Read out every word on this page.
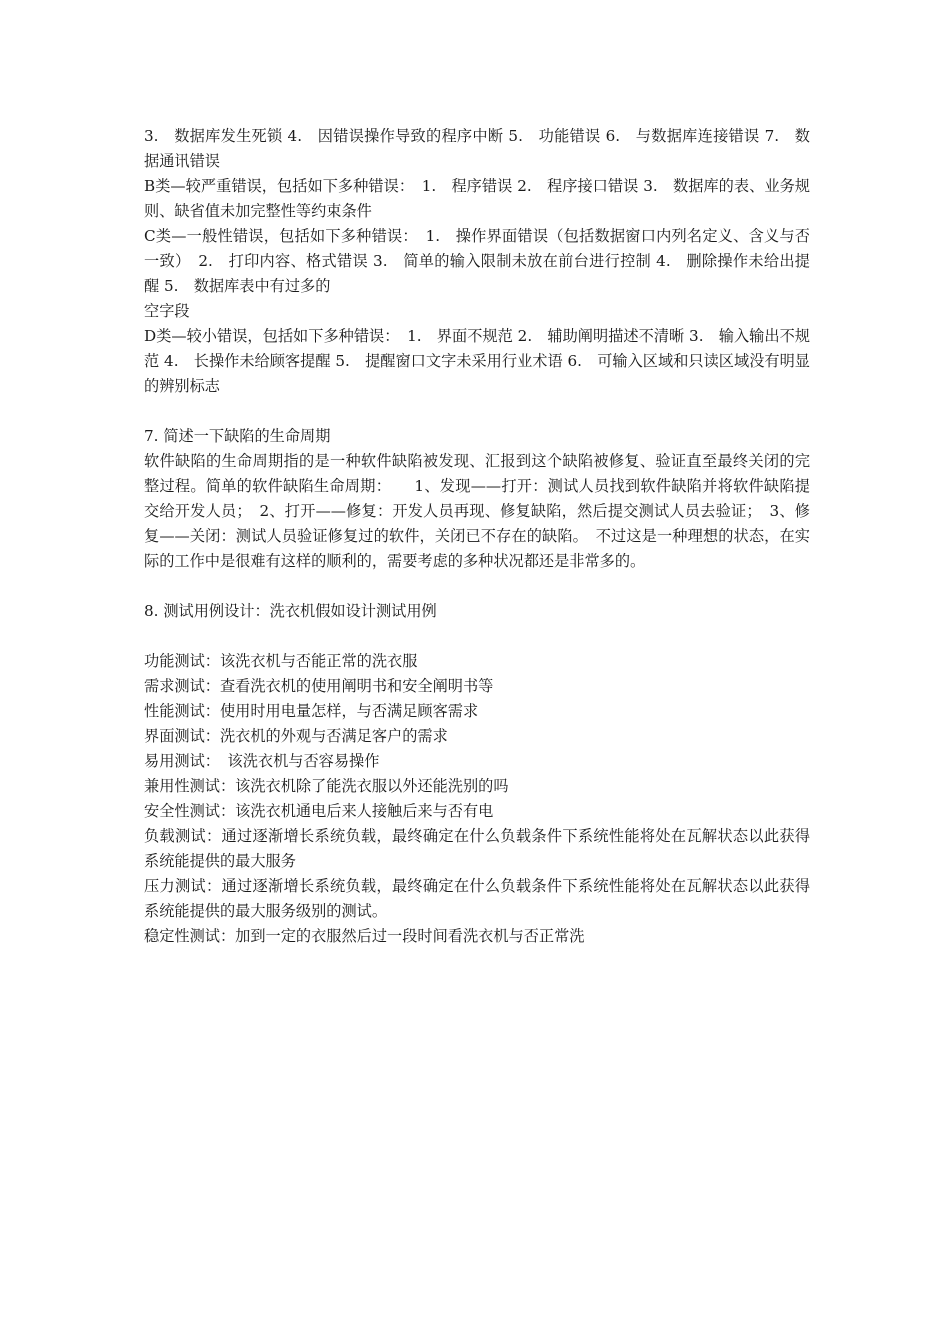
3.　数据库发生死锁 4.　因错误操作导致的程序中断 5.　功能错误 6.　与数据库连接错误 7.　数据通讯错误

B类—较严重错误，包括如下多种错误：　1.　程序错误 2.　程序接口错误 3.　数据库的表、业务规则、缺省值未加完整性等约束条件

C类—一般性错误，包括如下多种错误：　1.　操作界面错误（包括数据窗口内列名定义、含义与否一致）　2.　打印内容、格式错误 3.　简单的输入限制未放在前台进行控制 4.　删除操作未给出提醒 5.　数据库表中有过多的

空字段

D类—较小错误，包括如下多种错误：　1.　界面不规范 2.　辅助阐明描述不清晰 3.　输入输出不规范 4.　长操作未给顾客提醒 5.　提醒窗口文字未采用行业术语 6.　可输入区域和只读区域没有明显的辨别标志

7. 简述一下缺陷的生命周期

软件缺陷的生命周期指的是一种软件缺陷被发现、汇报到这个缺陷被修复、验证直至最终关闭的完整过程。简单的软件缺陷生命周期：　　1、发现——打开：测试人员找到软件缺陷并将软件缺陷提交给开发人员；　2、打开——修复：开发人员再现、修复缺陷，然后提交测试人员去验证；　3、修复——关闭：测试人员验证修复过的软件，关闭已不存在的缺陷。　不过这是一种理想的状态，在实际的工作中是很难有这样的顺利的，需要考虑的多种状况都还是非常多的。

8. 测试用例设计：洗衣机假如设计测试用例

功能测试：该洗衣机与否能正常的洗衣服

需求测试：查看洗衣机的使用阐明书和安全阐明书等

性能测试：使用时用电量怎样，与否满足顾客需求

界面测试：洗衣机的外观与否满足客户的需求

易用测试：　该洗衣机与否容易操作

兼用性测试：该洗衣机除了能洗衣服以外还能洗别的吗

安全性测试：该洗衣机通电后来人接触后来与否有电

负载测试：通过逐渐增长系统负载，最终确定在什么负载条件下系统性能将处在瓦解状态以此获得系统能提供的最大服务

压力测试：通过逐渐增长系统负载，最终确定在什么负载条件下系统性能将处在瓦解状态以此获得系统能提供的最大服务级别的测试。

稳定性测试：加到一定的衣服然后过一段时间看洗衣机与否正常洗
